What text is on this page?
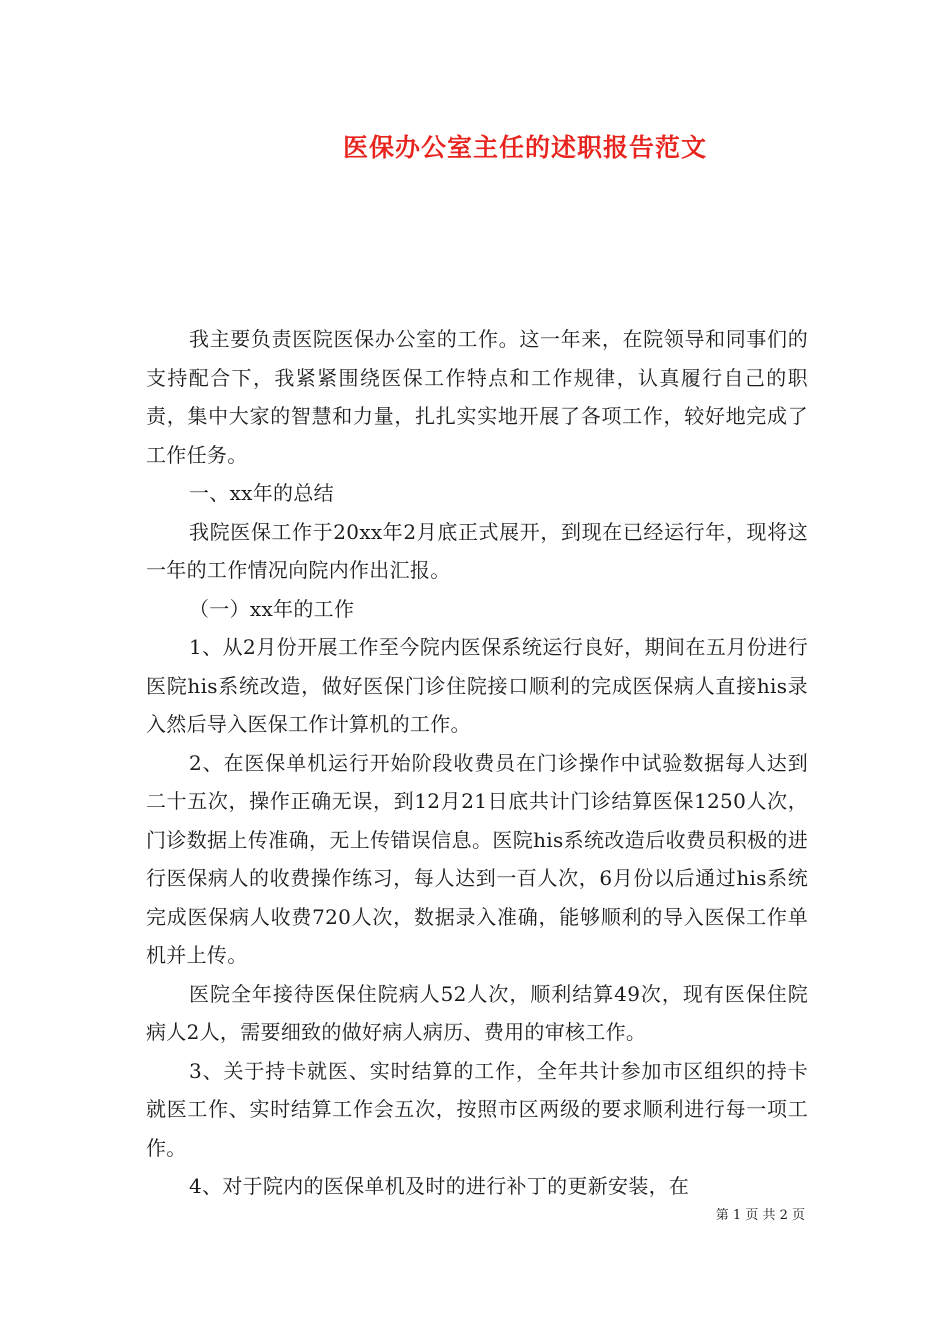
医保办公室主任的述职报告范文

我主要负责医院医保办公室的工作。这一年来，在院领导和同事们的支持配合下，我紧紧围绕医保工作特点和工作规律，认真履行自己的职责，集中大家的智慧和力量，扎扎实实地开展了各项工作，较好地完成了工作任务。

一、xx年的总结

我院医保工作于20xx年2月底正式展开，到现在已经运行年，现将这一年的工作情况向院内作出汇报。

（一）xx年的工作

1、从2月份开展工作至今院内医保系统运行良好，期间在五月份进行医院his系统改造，做好医保门诊住院接口顺利的完成医保病人直接his录入然后导入医保工作计算机的工作。

2、在医保单机运行开始阶段收费员在门诊操作中试验数据每人达到二十五次，操作正确无误，到12月21日底共计门诊结算医保1250人次，门诊数据上传准确，无上传错误信息。医院his系统改造后收费员积极的进行医保病人的收费操作练习，每人达到一百人次，6月份以后通过his系统完成医保病人收费720人次，数据录入准确，能够顺利的导入医保工作单机并上传。

医院全年接待医保住院病人52人次，顺利结算49次，现有医保住院病人2人，需要细致的做好病人病历、费用的审核工作。

3、关于持卡就医、实时结算的工作，全年共计参加市区组织的持卡就医工作、实时结算工作会五次，按照市区两级的要求顺利进行每一项工作。

4、对于院内的医保单机及时的进行补丁的更新安装，在

第 1 页 共 2 页
